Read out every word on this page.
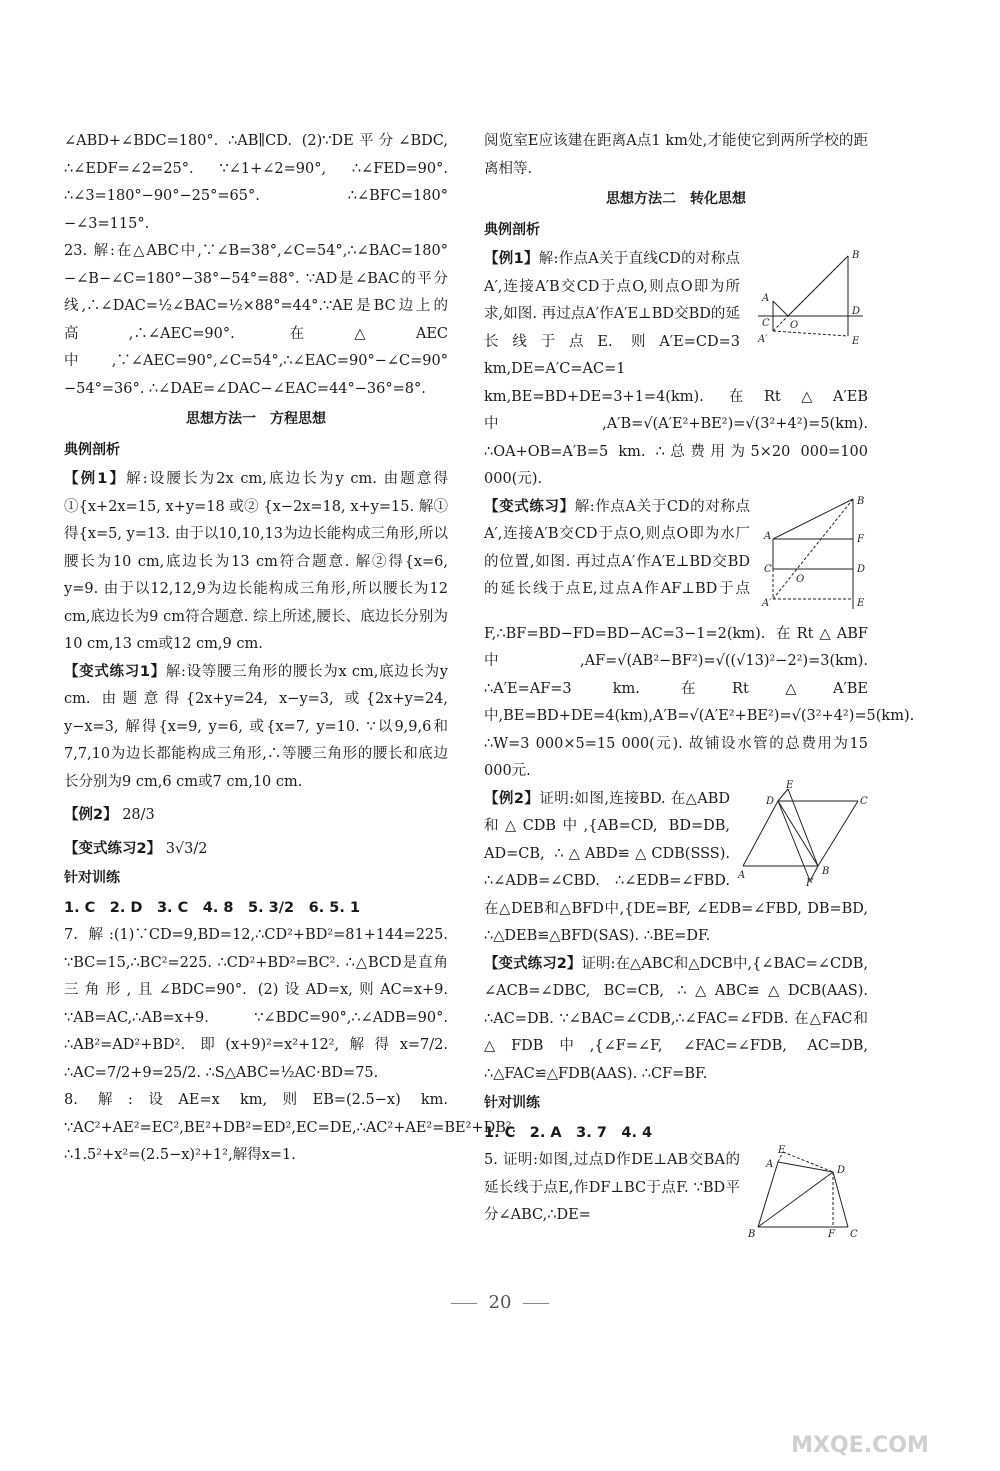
∠ABD+∠BDC=180°. ∴AB∥CD. (2)∵DE平分∠BDC, ∴∠EDF=∠2=25°. ∵∠1+∠2=90°, ∴∠FED=90°. ∴∠3=180°−90°−25°=65°. ∴∠BFC=180°−∠3=115°.

23. 解:在△ABC中,∵∠B=38°,∠C=54°,∴∠BAC=180°−∠B−∠C=180°−38°−54°=88°. ∵AD是∠BAC的平分线,∴∠DAC=½∠BAC=½×88°=44°.∵AE是BC边上的高,∴∠AEC=90°. 在△AEC中,∵∠AEC=90°,∠C=54°,∴∠EAC=90°−∠C=90°−54°=36°. ∴∠DAE=∠DAC−∠EAC=44°−36°=8°.

思想方法一　方程思想
典例剖析

【例1】解:设腰长为2x cm,底边长为y cm. 由题意得 ①{x+2x=15, x+y=18 或② {x−2x=18, x+y=15. 解①得{x=5, y=13. 由于以10,10,13为边长能构成三角形,所以腰长为10 cm,底边长为13 cm符合题意. 解②得{x=6, y=9. 由于以12,12,9为边长能构成三角形,所以腰长为12 cm,底边长为9 cm符合题意. 综上所述,腰长、底边长分别为10 cm,13 cm或12 cm,9 cm.

【变式练习1】解:设等腰三角形的腰长为x cm,底边长为y cm. 由题意得{2x+y=24, x−y=3, 或{2x+y=24, y−x=3, 解得{x=9, y=6, 或{x=7, y=10. ∵以9,9,6和7,7,10为边长都能构成三角形,∴等腰三角形的腰长和底边长分别为9 cm,6 cm或7 cm,10 cm.

【例2】 28/3

【变式练习2】 3√3/2

针对训练

1. C　2. D　3. C　4. 8　5. 3/2　6. 5. 1

7. 解:(1)∵CD=9,BD=12,∴CD²+BD²=81+144=225. ∵BC=15,∴BC²=225. ∴CD²+BD²=BC². ∴△BCD是直角三角形,且∠BDC=90°. (2)设AD=x,则AC=x+9. ∵AB=AC,∴AB=x+9. ∵∠BDC=90°,∴∠ADB=90°. ∴AB²=AD²+BD². 即(x+9)²=x²+12²,解得x=7/2. ∴AC=7/2+9=25/2. ∴S△ABC=½AC·BD=75.

8. 解:设AE=x km,则EB=(2.5−x) km. ∵AC²+AE²=EC²,BE²+DB²=ED²,EC=DE,∴AC²+AE²=BE²+DB². ∴1.5²+x²=(2.5−x)²+1²,解得x=1.

阅览室E应该建在距离A点1 km处,才能使它到两所学校的距离相等.

思想方法二　转化思想
典例剖析

B
A
C O
D
A′	E
【例1】解:作点A关于直线CD的对称点A′,连接A′B交CD于点O,则点O即为所求,如图. 再过点A′作A′E⊥BD交BD的延长线于点E. 则A′E=CD=3 km,DE=A′C=AC=1 km,BE=BD+DE=3+1=4(km). 在Rt△A′EB中,A′B=√(A′E²+BE²)=√(3²+4²)=5(km). ∴OA+OB=A′B=5 km. ∴总费用为5×20 000=100 000(元).

B
A	F
C
O
D
A′	E
【变式练习】解:作点A关于CD的对称点A′,连接A′B交CD于点O,则点O即为水厂的位置,如图. 再过点A′作A′E⊥BD交BD的延长线于点E,过点A作AF⊥BD于点F,∴BF=BD−FD=BD−AC=3−1=2(km). 在Rt△ABF中,AF=√(AB²−BF²)=√((√13)²−2²)=3(km). ∴A′E=AF=3 km. 在Rt△A′BE中,BE=BD+DE=4(km),A′B=√(A′E²+BE²)=√(3²+4²)=5(km). ∴W=3 000×5=15 000(元). 故铺设水管的总费用为15 000元.

E
D	C
A	B
F
【例2】证明:如图,连接BD. 在△ABD和△CDB中,{AB=CD, BD=DB, AD=CB, ∴△ABD≌△CDB(SSS). ∴∠ADB=∠CBD. ∴∠EDB=∠FBD. 在△DEB和△BFD中,{DE=BF, ∠EDB=∠FBD, DB=BD, ∴△DEB≌△BFD(SAS). ∴BE=DF.

【变式练习2】证明:在△ABC和△DCB中,{∠BAC=∠CDB, ∠ACB=∠DBC, BC=CB, ∴△ABC≌△DCB(AAS). ∴AC=DB. ∵∠BAC=∠CDB,∴∠FAC=∠FDB. 在△FAC和△FDB中,{∠F=∠F, ∠FAC=∠FDB, AC=DB, ∴△FAC≌△FDB(AAS). ∴CF=BF.

针对训练

1. C　2. A　3. 7　4. 4

E
A
D
B	F C
5. 证明:如图,过点D作DE⊥AB交BA的延长线于点E,作DF⊥BC于点F. ∵BD平分∠ABC,∴DE=

20
MXQE.COM
